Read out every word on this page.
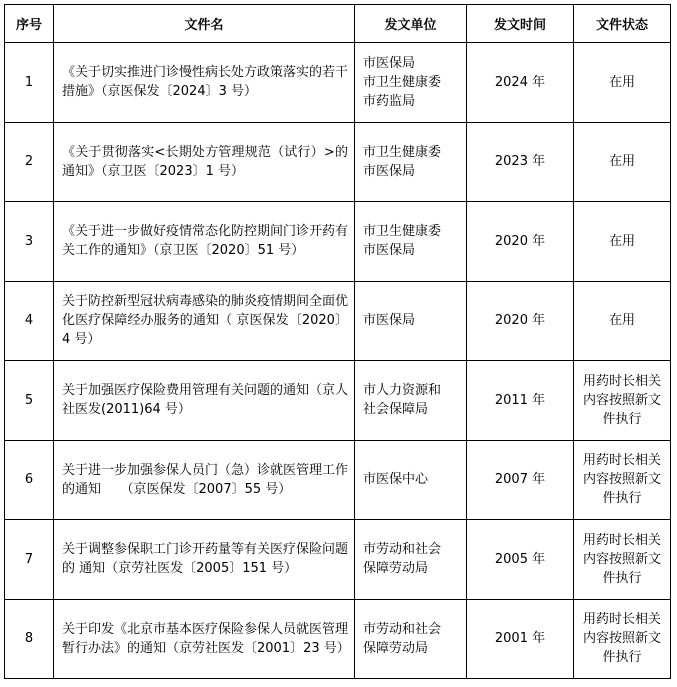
序号	文件名	发文单位	发文时间	文件状态
1	《关于切实推进门诊慢性病长处方政策落实的若干措施》（京医保发〔2024〕3 号）	市医保局
市卫生健康委
市药监局	2024 年	在用
2	《关于贯彻落实<长期处方管理规范（试行）>的通知》（京卫医〔2023〕1 号）	市卫生健康委
市医保局	2023 年	在用
3	《关于进一步做好疫情常态化防控期间门诊开药有关工作的通知》（京卫医〔2020〕51 号）	市卫生健康委
市医保局	2020 年	在用
4	关于防控新型冠状病毒感染的肺炎疫情期间全面优化医疗保障经办服务的通知（ 京医保发〔2020〕4 号）	市医保局	2020 年	在用
5	关于加强医疗保险费用管理有关问题的通知（京人社医发(2011)64 号）	市人力资源和
社会保障局	2011 年	用药时长相关内容按照新文件执行
6	关于进一步加强参保人员门（急）诊就医管理工作的通知　　（京医保发〔2007〕55 号）	市医保中心	2007 年	用药时长相关内容按照新文件执行
7	关于调整参保职工门诊开药量等有关医疗保险问题的 通知（京劳社医发〔2005〕151 号）	市劳动和社会
保障劳动局	2005 年	用药时长相关内容按照新文件执行
8	关于印发《北京市基本医疗保险参保人员就医管理暂行办法》的通知（京劳社医发〔2001〕23 号）	市劳动和社会
保障劳动局	2001 年	用药时长相关内容按照新文件执行
